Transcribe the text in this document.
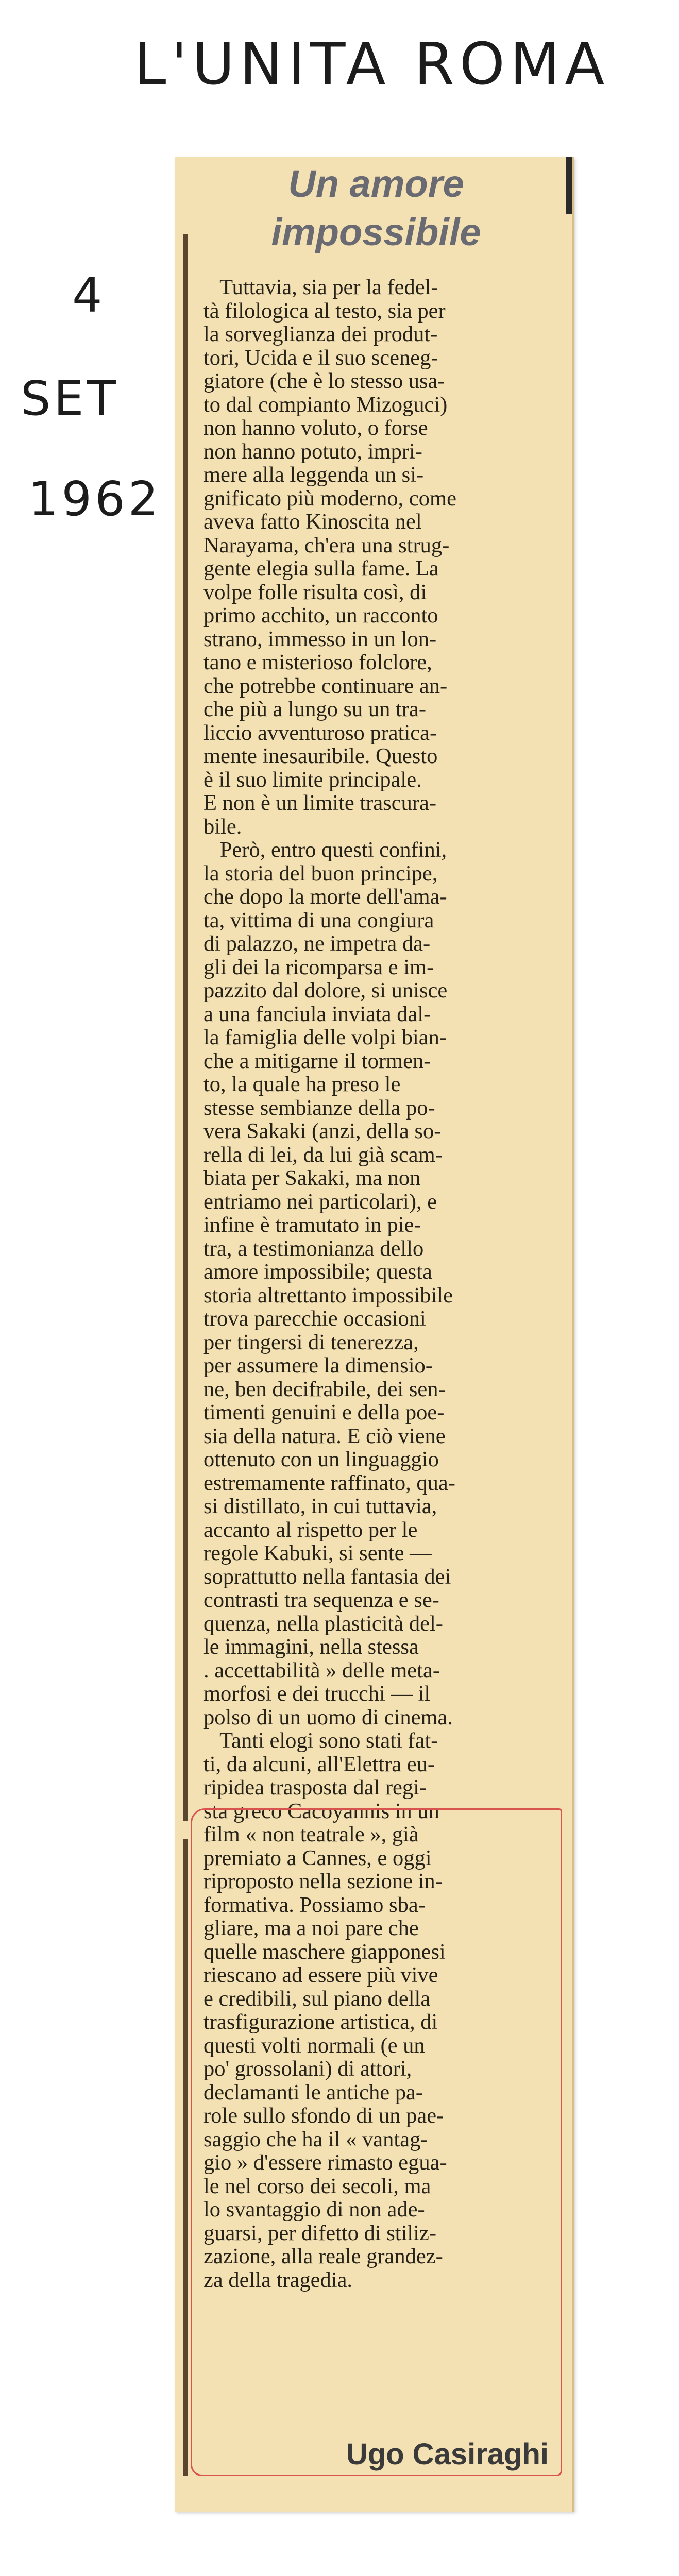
L'UNITA ROMA
4
SET
1962
Un amore
impossibile
Tuttavia, sia per la fedel-
tà filologica al testo, sia per
la sorveglianza dei produt-
tori, Ucida e il suo sceneg-
giatore (che è lo stesso usa-
to dal compianto Mizoguci)
non hanno voluto, o forse
non hanno potuto, impri-
mere alla leggenda un si-
gnificato più moderno, come
aveva fatto Kinoscita nel
Narayama, ch'era una strug-
gente elegia sulla fame. La
volpe folle risulta così, di
primo acchito, un racconto
strano, immesso in un lon-
tano e misterioso folclore,
che potrebbe continuare an-
che più a lungo su un tra-
liccio avventuroso pratica-
mente inesauribile. Questo
è il suo limite principale.
E non è un limite trascura-
bile.
Però, entro questi confini,
la storia del buon principe,
che dopo la morte dell'ama-
ta, vittima di una congiura
di palazzo, ne impetra da-
gli dei la ricomparsa e im-
pazzito dal dolore, si unisce
a una fanciula inviata dal-
la famiglia delle volpi bian-
che a mitigarne il tormen-
to, la quale ha preso le
stesse sembianze della po-
vera Sakaki (anzi, della so-
rella di lei, da lui già scam-
biata per Sakaki, ma non
entriamo nei particolari), e
infine è tramutato in pie-
tra, a testimonianza dello
amore impossibile; questa
storia altrettanto impossibile
trova parecchie occasioni
per tingersi di tenerezza,
per assumere la dimensio-
ne, ben decifrabile, dei sen-
timenti genuini e della poe-
sia della natura. E ciò viene
ottenuto con un linguaggio
estremamente raffinato, qua-
si distillato, in cui tuttavia,
accanto al rispetto per le
regole Kabuki, si sente —
soprattutto nella fantasia dei
contrasti tra sequenza e se-
quenza, nella plasticità del-
le immagini, nella stessa
. accettabilità » delle meta-
morfosi e dei trucchi — il
polso di un uomo di cinema.
Tanti elogi sono stati fat-
ti, da alcuni, all'Elettra eu-
ripidea trasposta dal regi-
sta greco Cacoyannis in un
film « non teatrale », già
premiato a Cannes, e oggi
riproposto nella sezione in-
formativa. Possiamo sba-
gliare, ma a noi pare che
quelle maschere giapponesi
riescano ad essere più vive
e credibili, sul piano della
trasfigurazione artistica, di
questi volti normali (e un
po' grossolani) di attori,
declamanti le antiche pa-
role sullo sfondo di un pae-
saggio che ha il « vantag-
gio » d'essere rimasto egua-
le nel corso dei secoli, ma
lo svantaggio di non ade-
guarsi, per difetto di stiliz-
zazione, alla reale grandez-
za della tragedia.
Ugo Casiraghi
